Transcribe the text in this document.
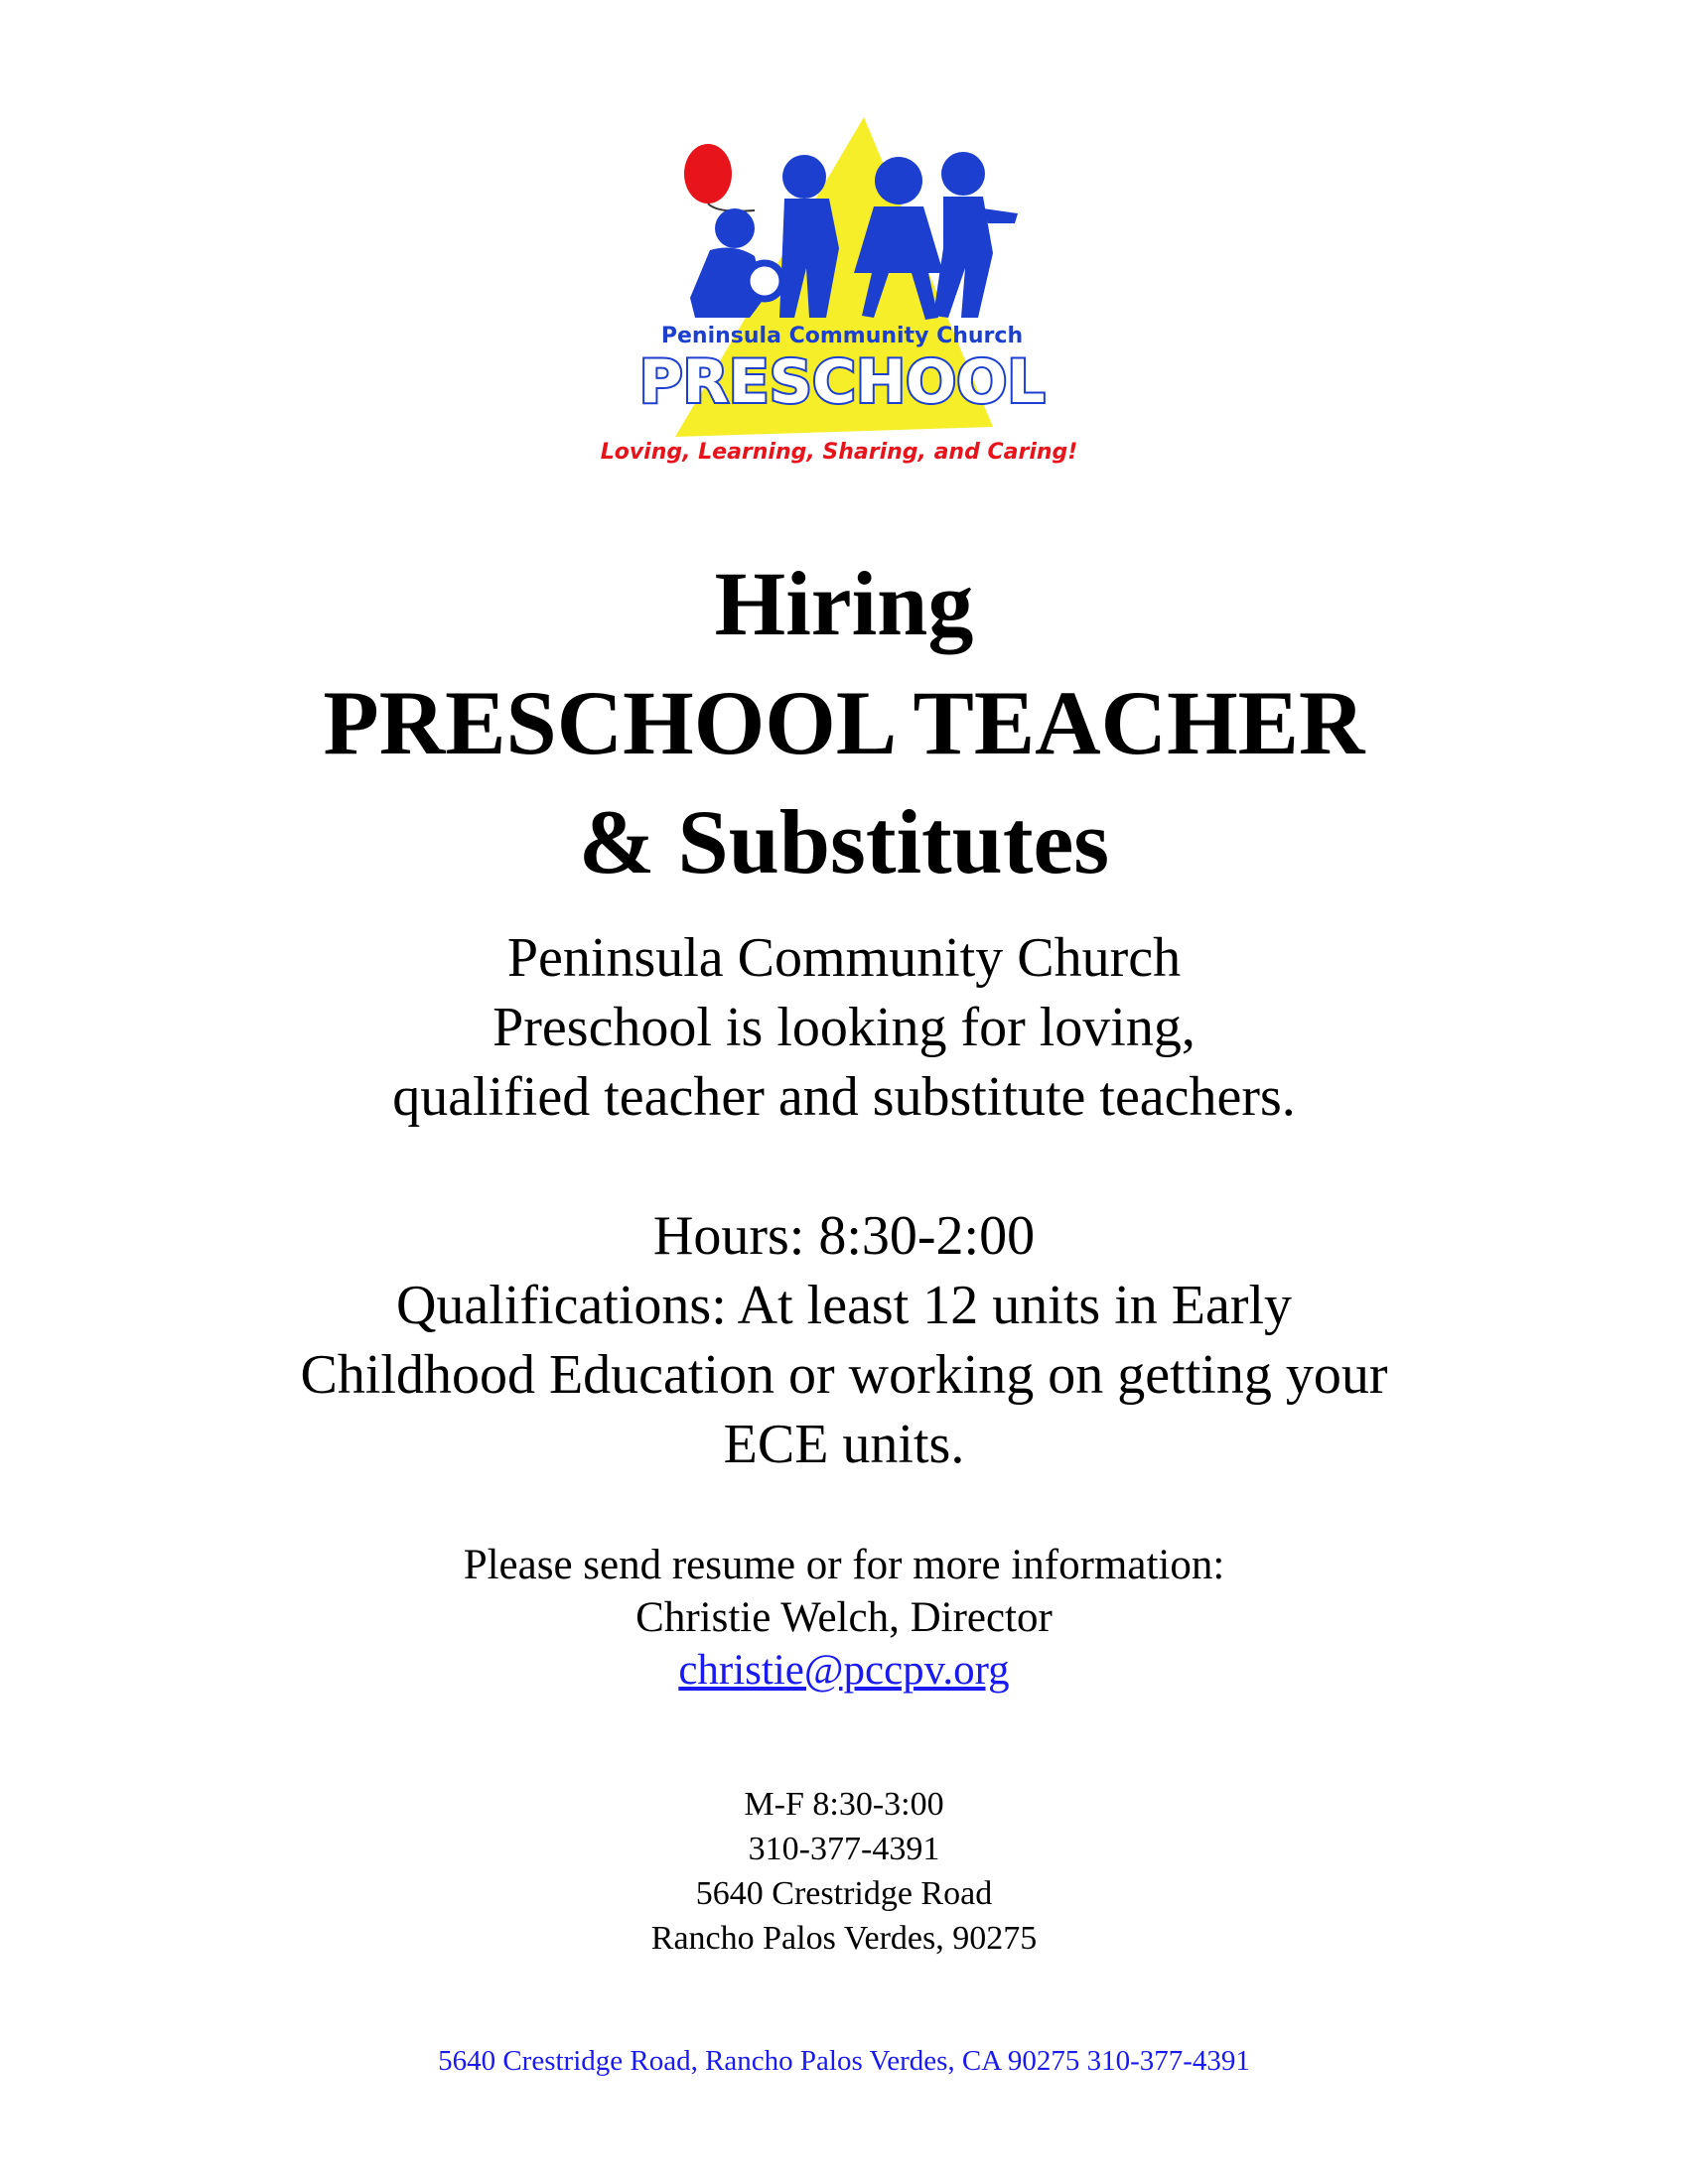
Peninsula Community Church
PRESCHOOL
Loving, Learning, Sharing, and Caring!
Hiring
PRESCHOOL TEACHER
& Substitutes
Peninsula Community Church
Preschool is looking for loving,
qualified teacher and substitute teachers.
Hours: 8:30-2:00
Qualifications: At least 12 units in Early
Childhood Education or working on getting your
ECE units.
Please send resume or for more information:
Christie Welch, Director
christie@pccpv.org
M-F 8:30-3:00
310-377-4391
5640 Crestridge Road
Rancho Palos Verdes, 90275
5640 Crestridge Road, Rancho Palos Verdes, CA 90275 310-377-4391
